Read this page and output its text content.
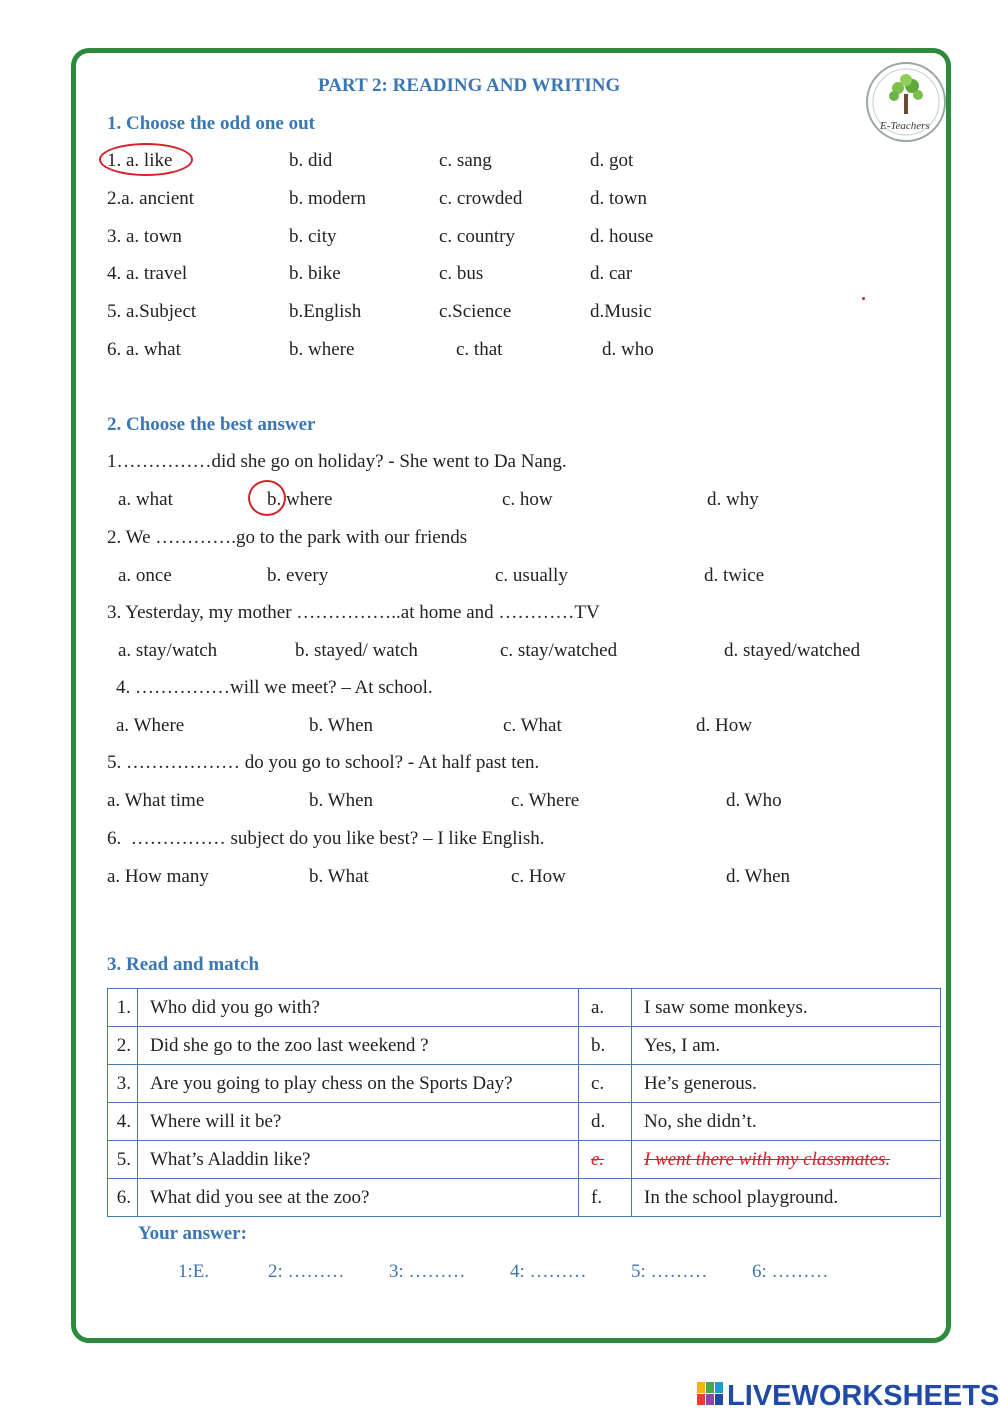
E-Teachers
PART 2: READING AND WRITING
1. Choose the odd one out
1. a. like	b. did	c. sang	d. got
2.a. ancient	b. modern	c. crowded	d. town
3. a. town	b. city	c. country	d. house
4. a. travel	b. bike	c. bus	d. car
5. a.Subject	b.English	c.Science	d.Music
6. a. what	b. where	c. that	d. who
2. Choose the best answer
1……………did she go on holiday? - She went to Da Nang.
a. what	b. where	c. how	d. why
2. We ………….go to the park with our friends
a. once	b. every	c. usually	d. twice
3. Yesterday, my mother ……………..at home and …………TV
a. stay/watch	b. stayed/ watch	c. stay/watched	d. stayed/watched
4. ……………will we meet? – At school.
a. Where	b. When	c. What	d. How
5. ……………… do you go to school? - At half past ten.
a. What time	b. When	c. Where	d. Who
6.  …………… subject do you like best? – I like English.
a. How many	b. What	c. How	d. When
3. Read and match
1.	Who did you go with?	a.	I saw some monkeys.
2.	Did she go to the zoo last weekend ?	b.	Yes, I am.
3.	Are you going to play chess on the Sports Day?	c.	He’s generous.
4.	Where will it be?	d.	No, she didn’t.
5.	What’s Aladdin like?	e.	I went there with my classmates.
6.	What did you see at the zoo?	f.	In the school playground.
Your answer:
1:E.	2: ……… 3: ……… 4: ……… 5: ……… 6: ………
LIVEWORKSHEETS
